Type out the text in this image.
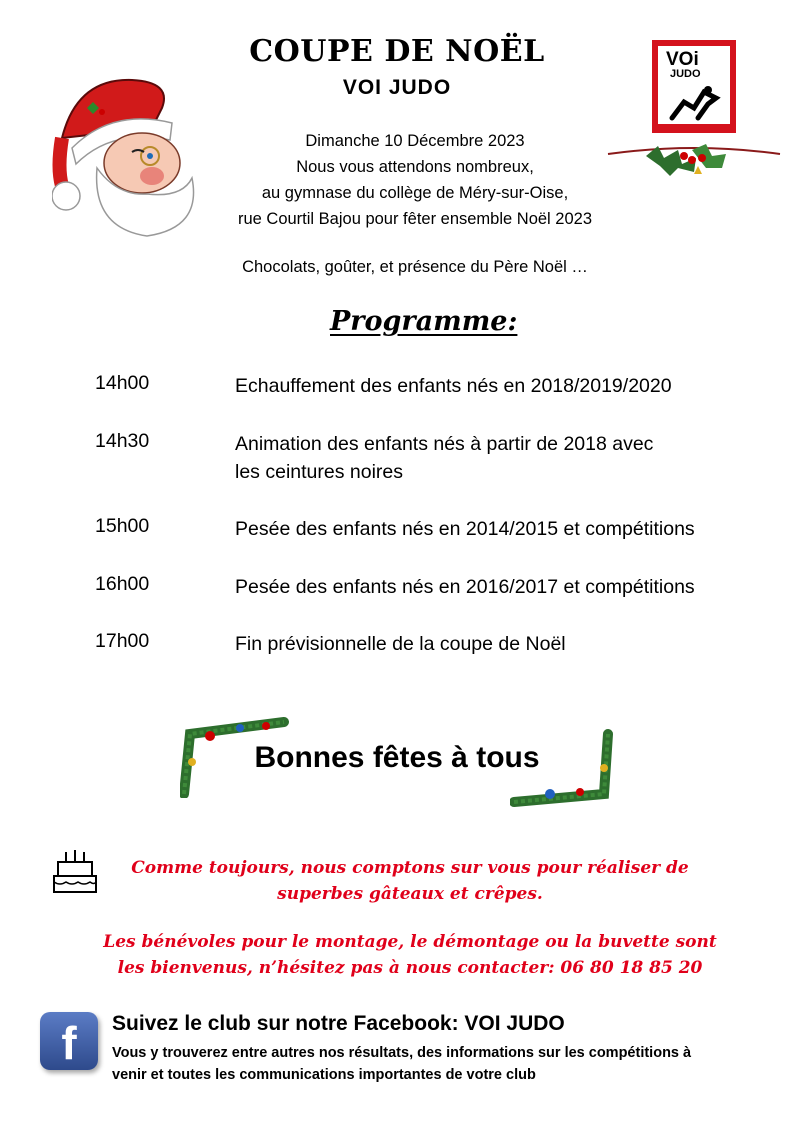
VOi
JUDO
COUPE DE NOËL
VOI JUDO
Dimanche 10 Décembre 2023
Nous vous attendons nombreux,
au gymnase du collège de Méry-sur-Oise,
rue Courtil Bajou pour fêter ensemble Noël 2023
Chocolats, goûter, et présence du Père Noël …
Programme:
14h00	Echauffement des enfants nés en 2018/2019/2020
14h30	Animation des enfants nés à partir de 2018 avec
les ceintures noires
15h00	Pesée des enfants nés en 2014/2015 et compétitions
16h00	Pesée des enfants nés en 2016/2017 et compétitions
17h00	Fin prévisionnelle de la coupe de Noël
Bonnes fêtes à tous
Comme toujours, nous comptons sur vous pour réaliser de
superbes gâteaux et crêpes.
Les bénévoles pour le montage, le démontage ou la buvette sont
les bienvenus, n’hésitez pas à nous contacter: 06 80 18 85 20
f	Suivez le club sur notre Facebook: VOI JUDO
Vous y trouverez entre autres nos résultats, des informations sur les compétitions à
venir et toutes les communications importantes de votre club
